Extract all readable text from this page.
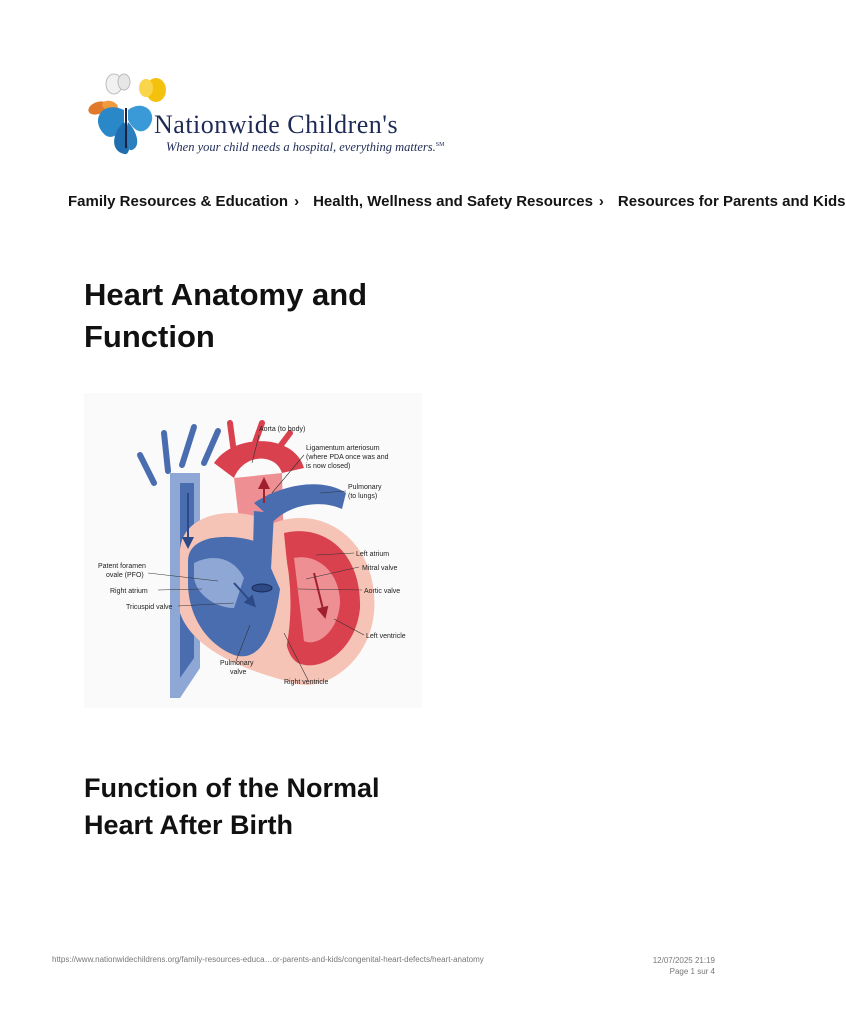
Nationwide Children's
When your child needs a hospital, everything matters.℠
Family Resources & Education › Health, Wellness and Safety Resources › Resources for Parents and Kids
Heart Anatomy and Function
Aorta (to body)
Ligamentum arteriosum
(where PDA once was and
is now closed)
Pulmonary
(to lungs)
Left atrium
Mitral valve
Aortic valve
Left ventricle
Patent foramen
ovale (PFO)
Right atrium
Tricuspid valve
Pulmonary
valve
Right ventricle
Function of the Normal Heart After Birth
https://www.nationwidechildrens.org/family-resources-educa…or-parents-and-kids/congenital-heart-defects/heart-anatomy	12/07/2025 21:19
Page 1 sur 4
